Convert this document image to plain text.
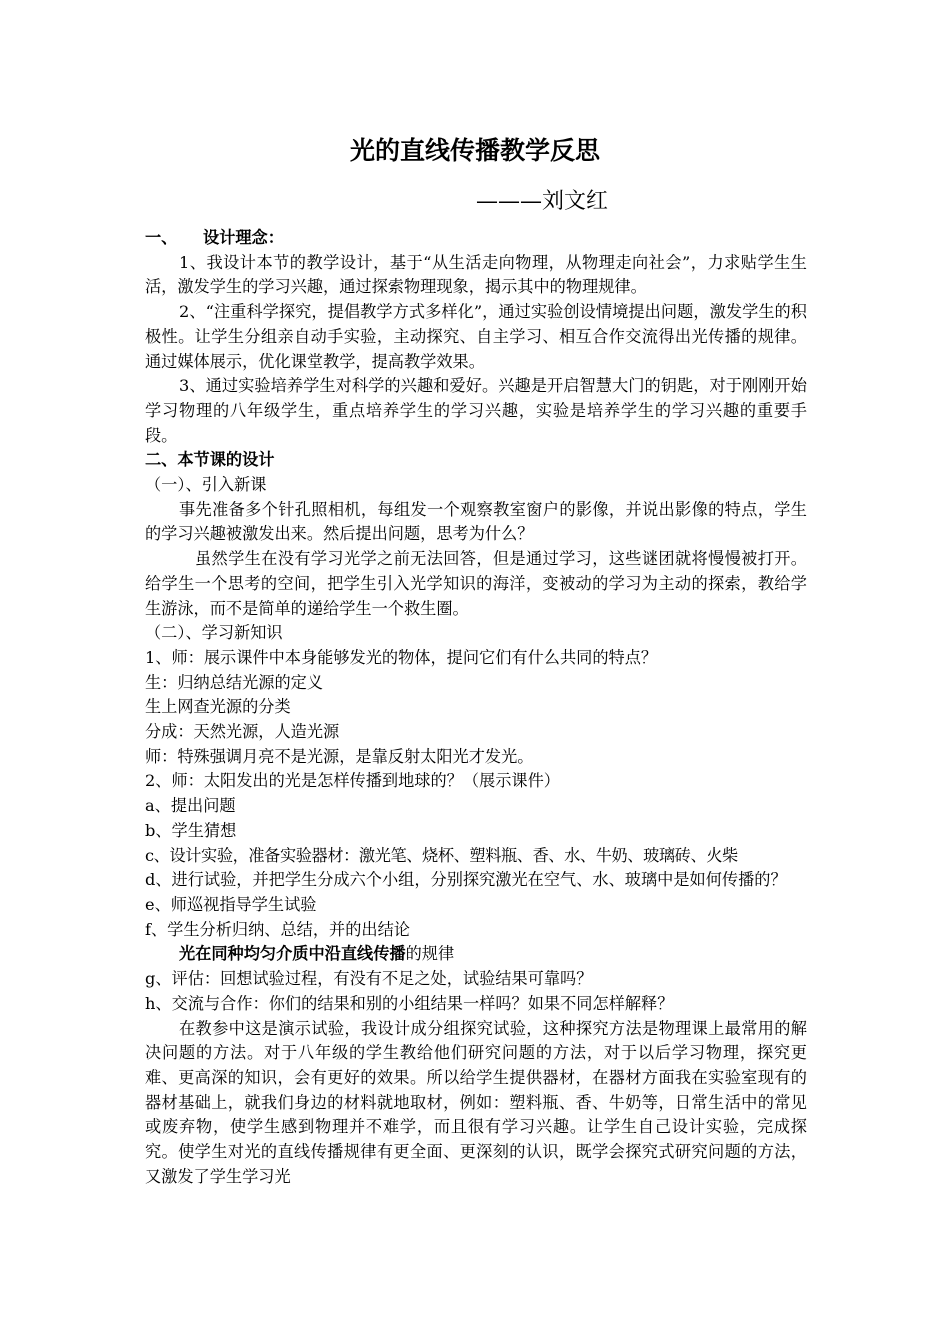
光的直线传播教学反思
———刘文红

一、 设计理念：

1、我设计本节的教学设计，基于“从生活走向物理，从物理走向社会”，力求贴学生生活，激发学生的学习兴趣，通过探索物理现象，揭示其中的物理规律。

2、“注重科学探究，提倡教学方式多样化”，通过实验创设情境提出问题，激发学生的积极性。让学生分组亲自动手实验，主动探究、自主学习、相互合作交流得出光传播的规律。通过媒体展示，优化课堂教学，提高教学效果。

3、通过实验培养学生对科学的兴趣和爱好。兴趣是开启智慧大门的钥匙，对于刚刚开始学习物理的八年级学生，重点培养学生的学习兴趣，实验是培养学生的学习兴趣的重要手段。

二、本节课的设计

（一）、引入新课

事先准备多个针孔照相机，每组发一个观察教室窗户的影像，并说出影像的特点，学生的学习兴趣被激发出来。然后提出问题，思考为什么？

虽然学生在没有学习光学之前无法回答，但是通过学习，这些谜团就将慢慢被打开。给学生一个思考的空间，把学生引入光学知识的海洋，变被动的学习为主动的探索，教给学生游泳，而不是简单的递给学生一个救生圈。

（二）、学习新知识

1、师：展示课件中本身能够发光的物体，提问它们有什么共同的特点？

生：归纳总结光源的定义

生上网查光源的分类

分成：天然光源，人造光源

师：特殊强调月亮不是光源，是靠反射太阳光才发光。

2、师：太阳发出的光是怎样传播到地球的？（展示课件）

a、提出问题

b、学生猜想

c、设计实验，准备实验器材：激光笔、烧杯、塑料瓶、香、水、牛奶、玻璃砖、火柴

d、进行试验，并把学生分成六个小组，分别探究激光在空气、水、玻璃中是如何传播的？

e、师巡视指导学生试验

f、学生分析归纳、总结，并的出结论

光在同种均匀介质中沿直线传播的规律

g、评估：回想试验过程，有没有不足之处，试验结果可靠吗？

h、交流与合作：你们的结果和别的小组结果一样吗？如果不同怎样解释？

在教参中这是演示试验，我设计成分组探究试验，这种探究方法是物理课上最常用的解决问题的方法。对于八年级的学生教给他们研究问题的方法，对于以后学习物理，探究更难、更高深的知识，会有更好的效果。所以给学生提供器材，在器材方面我在实验室现有的器材基础上，就我们身边的材料就地取材，例如：塑料瓶、香、牛奶等，日常生活中的常见或废弃物，使学生感到物理并不难学，而且很有学习兴趣。让学生自己设计实验，完成探究。使学生对光的直线传播规律有更全面、更深刻的认识，既学会探究式研究问题的方法，又激发了学生学习光
